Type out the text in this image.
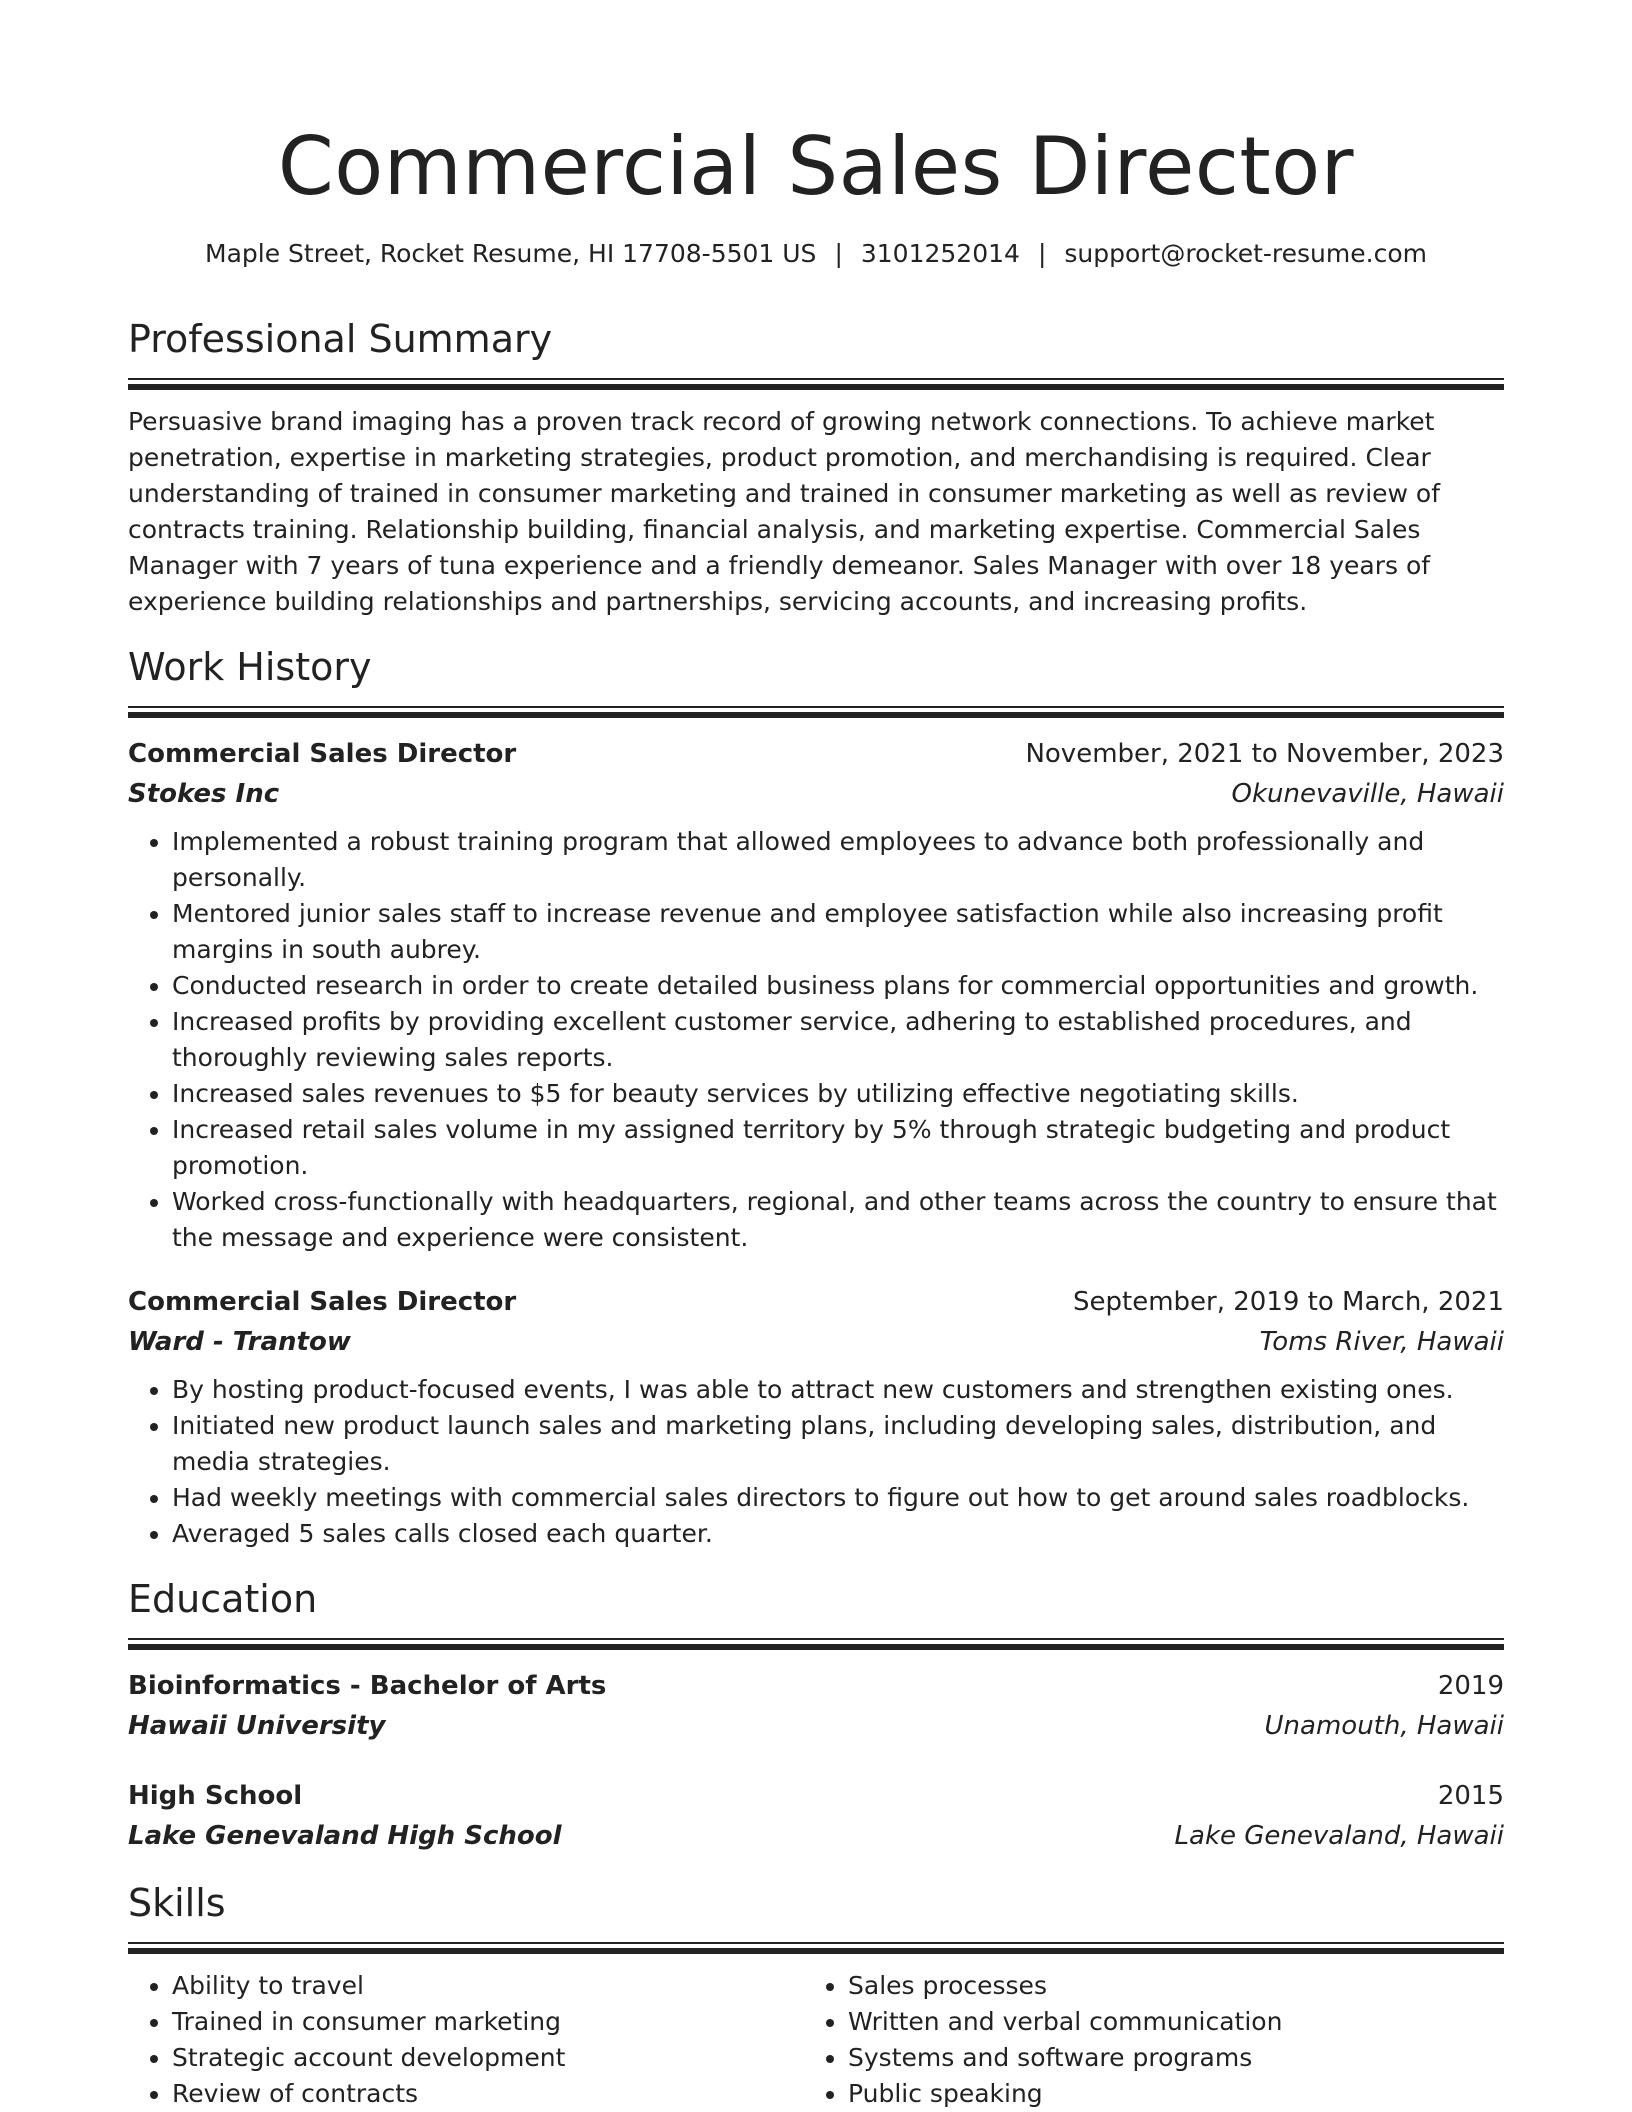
Commercial Sales Director
Maple Street, Rocket Resume, HI 17708-5501 US | 3101252014 | support@rocket-resume.com
Professional Summary

Persuasive brand imaging has a proven track record of growing network connections. To achieve market penetration, expertise in marketing strategies, product promotion, and merchandising is required. Clear understanding of trained in consumer marketing and trained in consumer marketing as well as review of contracts training. Relationship building, financial analysis, and marketing expertise. Commercial Sales Manager with 7 years of tuna experience and a friendly demeanor. Sales Manager with over 18 years of experience building relationships and partnerships, servicing accounts, and increasing profits.

Work History
Commercial Sales Director	November, 2021 to November, 2023
Stokes Inc	Okunevaville, Hawaii
• Implemented a robust training program that allowed employees to advance both professionally and personally.
• Mentored junior sales staff to increase revenue and employee satisfaction while also increasing profit margins in south aubrey.
• Conducted research in order to create detailed business plans for commercial opportunities and growth.
• Increased profits by providing excellent customer service, adhering to established procedures, and thoroughly reviewing sales reports.
• Increased sales revenues to $5 for beauty services by utilizing effective negotiating skills.
• Increased retail sales volume in my assigned territory by 5% through strategic budgeting and product promotion.
• Worked cross-functionally with headquarters, regional, and other teams across the country to ensure that the message and experience were consistent.
Commercial Sales Director	September, 2019 to March, 2021
Ward - Trantow	Toms River, Hawaii
• By hosting product-focused events, I was able to attract new customers and strengthen existing ones.
• Initiated new product launch sales and marketing plans, including developing sales, distribution, and media strategies.
• Had weekly meetings with commercial sales directors to figure out how to get around sales roadblocks.
• Averaged 5 sales calls closed each quarter.
Education
Bioinformatics - Bachelor of Arts	2019
Hawaii University	Unamouth, Hawaii
High School	2015
Lake Genevaland High School	Lake Genevaland, Hawaii
Skills
• Ability to travel
• Trained in consumer marketing
• Strategic account development
• Review of contracts
• Sales processes
• Written and verbal communication
• Systems and software programs
• Public speaking
